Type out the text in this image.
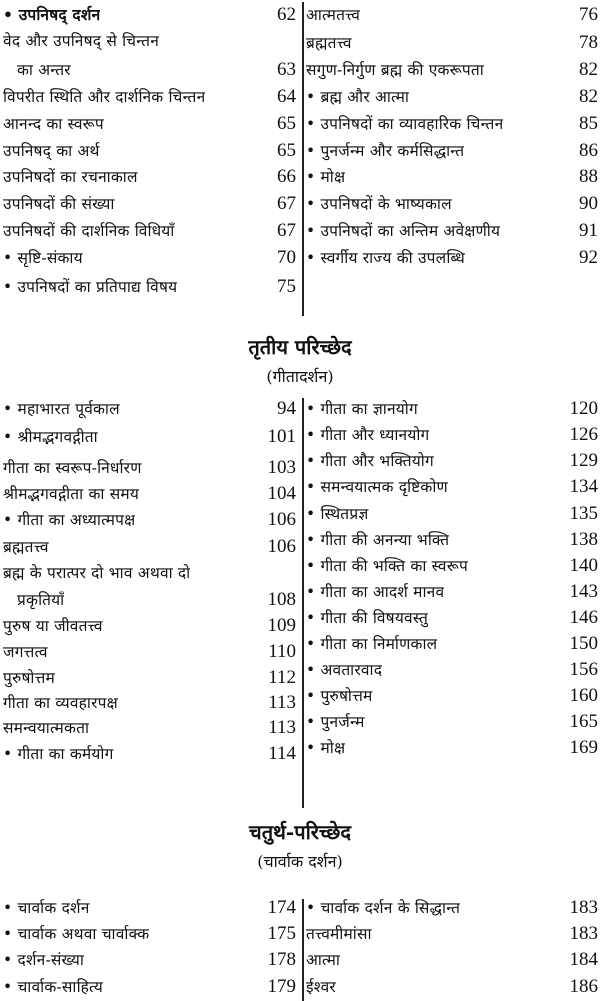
• उपनिषद् दर्शन	62
वेद और उपनिषद् से चिन्तन
का अन्तर	63
विपरीत स्थिति और दार्शनिक चिन्तन	64
आनन्द का स्वरूप	65
उपनिषद् का अर्थ	65
उपनिषदों का रचनाकाल	66
उपनिषदों की संख्या	67
उपनिषदों की दार्शनिक विधियाँ	67
• सृष्टि-संकाय	70
• उपनिषदों का प्रतिपाद्य विषय	75
आत्मतत्त्व	76
ब्रह्मतत्त्व	78
सगुण-निर्गुण ब्रह्म की एकरूपता	82
• ब्रह्म और आत्मा	82
• उपनिषदों का व्यावहारिक चिन्तन	85
• पुनर्जन्म और कर्मसिद्धान्त	86
• मोक्ष	88
• उपनिषदों के भाष्यकाल	90
• उपनिषदों का अन्तिम अवेक्षणीय	91
• स्वर्गीय राज्य की उपलब्धि	92
तृतीय परिच्छेद
(गीतादर्शन)
• महाभारत पूर्वकाल	94
• श्रीमद्भगवद्गीता	101
गीता का स्वरूप-निर्धारण	103
श्रीमद्भगवद्गीता का समय	104
• गीता का अध्यात्मपक्ष	106
ब्रह्मतत्त्व	106
ब्रह्म के परात्पर दो भाव अथवा दो
प्रकृतियाँ	108
पुरुष या जीवतत्त्व	109
जगत्तत्व	110
पुरुषोत्तम	112
गीता का व्यवहारपक्ष	113
समन्वयात्मकता	113
• गीता का कर्मयोग	114
• गीता का ज्ञानयोग	120
• गीता और ध्यानयोग	126
• गीता और भक्तियोग	129
• समन्वयात्मक दृष्टिकोण	134
• स्थितप्रज्ञ	135
• गीता की अनन्या भक्ति	138
• गीता की भक्ति का स्वरूप	140
• गीता का आदर्श मानव	143
• गीता की विषयवस्तु	146
• गीता का निर्माणकाल	150
• अवतारवाद	156
• पुरुषोत्तम	160
• पुनर्जन्म	165
• मोक्ष	169
चतुर्थ-परिच्छेद
(चार्वाक दर्शन)
• चार्वाक दर्शन	174
• चार्वाक अथवा चार्वाक्क	175
• दर्शन-संख्या	178
• चार्वाक-साहित्य	179
• चार्वाक दर्शन के सिद्धान्त	183
तत्त्वमीमांसा	183
आत्मा	184
ईश्वर	186
